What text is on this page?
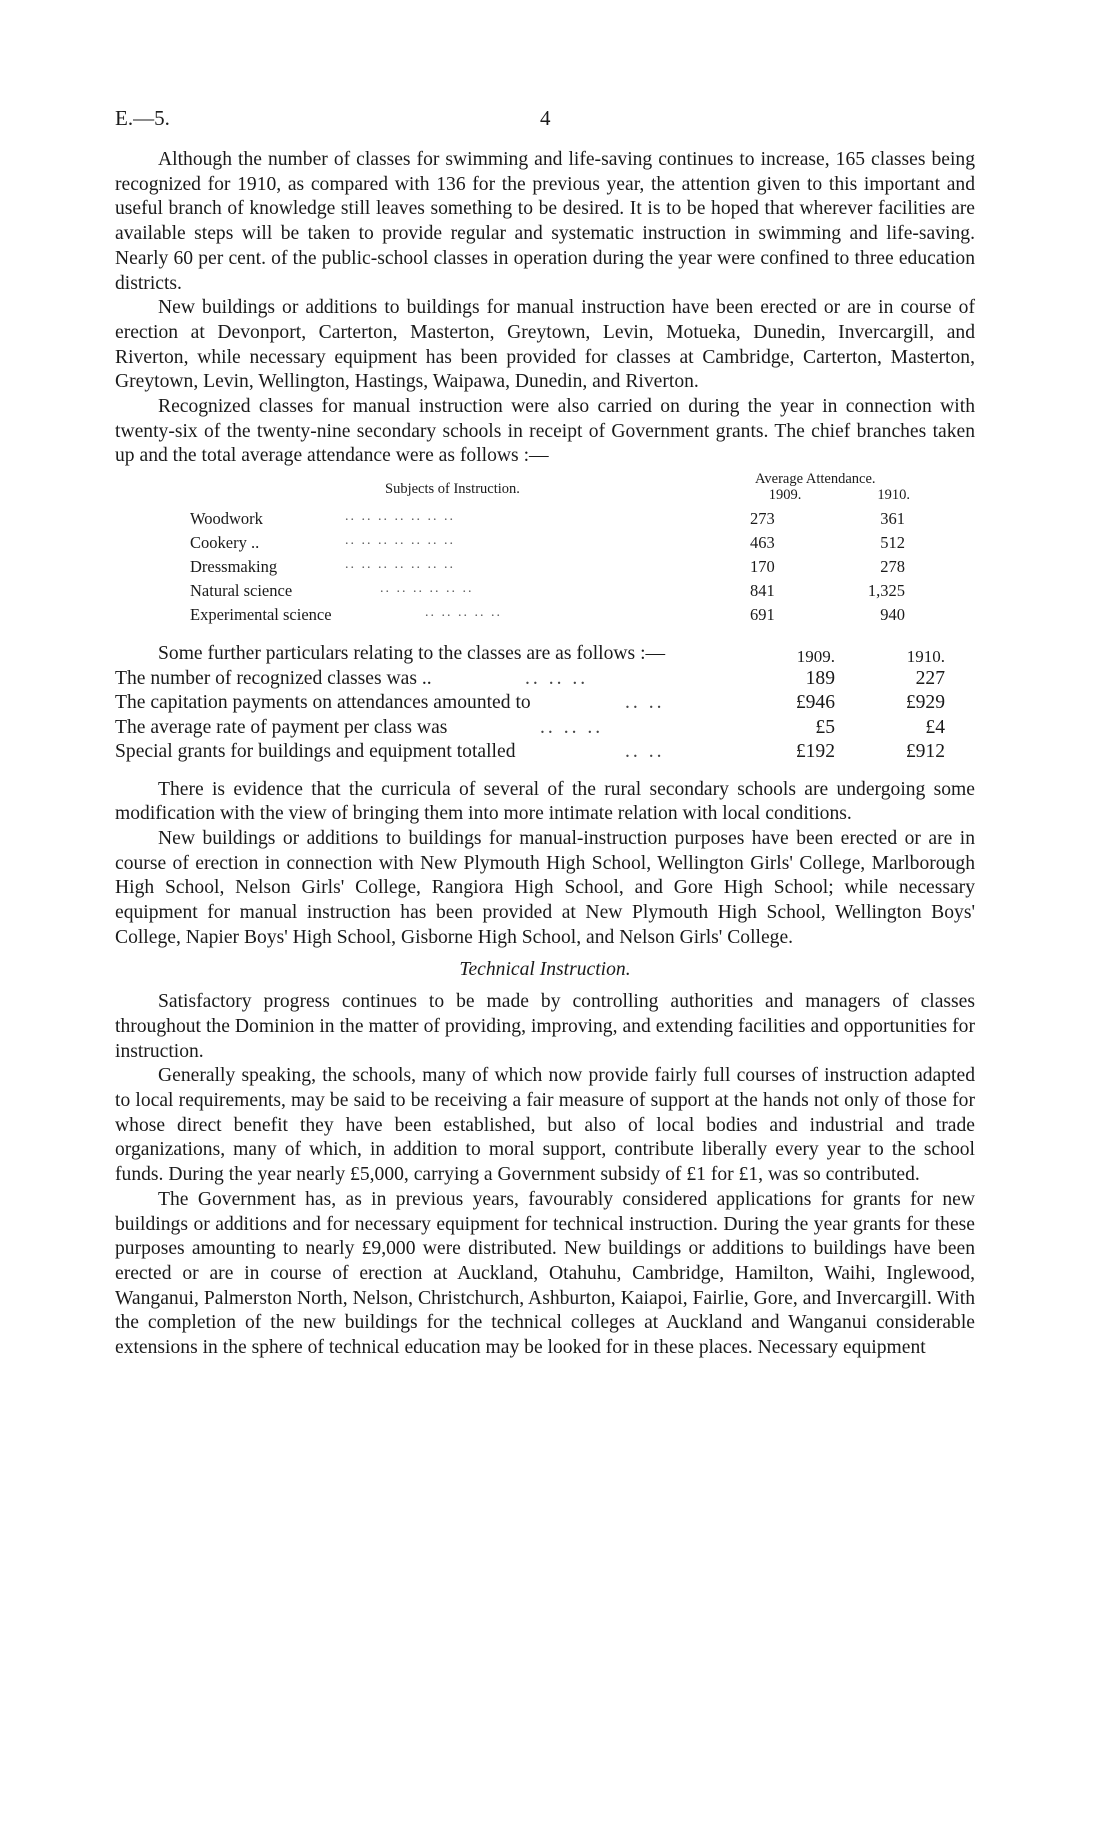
E.—5.	4

Although the number of classes for swimming and life-saving continues to increase, 165 classes being recognized for 1910, as compared with 136 for the previous year, the attention given to this important and useful branch of knowledge still leaves something to be desired. It is to be hoped that wherever facilities are available steps will be taken to provide regular and systematic instruction in swimming and life-saving. Nearly 60 per cent. of the public-school classes in operation during the year were confined to three education districts.

New buildings or additions to buildings for manual instruction have been erected or are in course of erection at Devonport, Carterton, Masterton, Greytown, Levin, Motueka, Dunedin, Invercargill, and Riverton, while necessary equipment has been provided for classes at Cambridge, Carterton, Masterton, Greytown, Levin, Wellington, Hastings, Waipawa, Dunedin, and Riverton.

Recognized classes for manual instruction were also carried on during the year in connection with twenty-six of the twenty-nine secondary schools in receipt of Government grants. The chief branches taken up and the total average attendance were as follows :—

Subjects of Instruction.
Average Attendance.
1909.	1910.
Woodwork	.. .. .. .. .. .. ..	273	361
Cookery ..	.. .. .. .. .. .. ..	463	512
Dressmaking	.. .. .. .. .. .. ..	170	278
Natural science	.. .. .. .. .. ..	841	1,325
Experimental science	.. .. .. .. ..	691	940
Some further particulars relating to the classes are as follows :—	1909.	1910.
The number of recognized classes was ..	.. .. ..	189	227
The capitation payments on attendances amounted to	.. ..	£946	£929
The average rate of payment per class was	.. .. ..	£5	£4
Special grants for buildings and equipment totalled	.. ..	£192	£912

There is evidence that the curricula of several of the rural secondary schools are undergoing some modification with the view of bringing them into more intimate relation with local conditions.

New buildings or additions to buildings for manual-instruction purposes have been erected or are in course of erection in connection with New Plymouth High School, Wellington Girls' College, Marlborough High School, Nelson Girls' College, Rangiora High School, and Gore High School; while necessary equipment for manual instruction has been provided at New Plymouth High School, Wellington Boys' College, Napier Boys' High School, Gisborne High School, and Nelson Girls' College.

Technical Instruction.

Satisfactory progress continues to be made by controlling authorities and managers of classes throughout the Dominion in the matter of providing, improving, and extending facilities and opportunities for instruction.

Generally speaking, the schools, many of which now provide fairly full courses of instruction adapted to local requirements, may be said to be receiving a fair measure of support at the hands not only of those for whose direct benefit they have been established, but also of local bodies and industrial and trade organizations, many of which, in addition to moral support, contribute liberally every year to the school funds. During the year nearly £5,000, carrying a Government subsidy of £1 for £1, was so contributed.

The Government has, as in previous years, favourably considered applications for grants for new buildings or additions and for necessary equipment for technical instruction. During the year grants for these purposes amounting to nearly £9,000 were distributed. New buildings or additions to buildings have been erected or are in course of erection at Auckland, Otahuhu, Cambridge, Hamilton, Waihi, Inglewood, Wanganui, Palmerston North, Nelson, Christchurch, Ashburton, Kaiapoi, Fairlie, Gore, and Invercargill. With the completion of the new buildings for the technical colleges at Auckland and Wanganui considerable extensions in the sphere of technical education may be looked for in these places. Necessary equipment
